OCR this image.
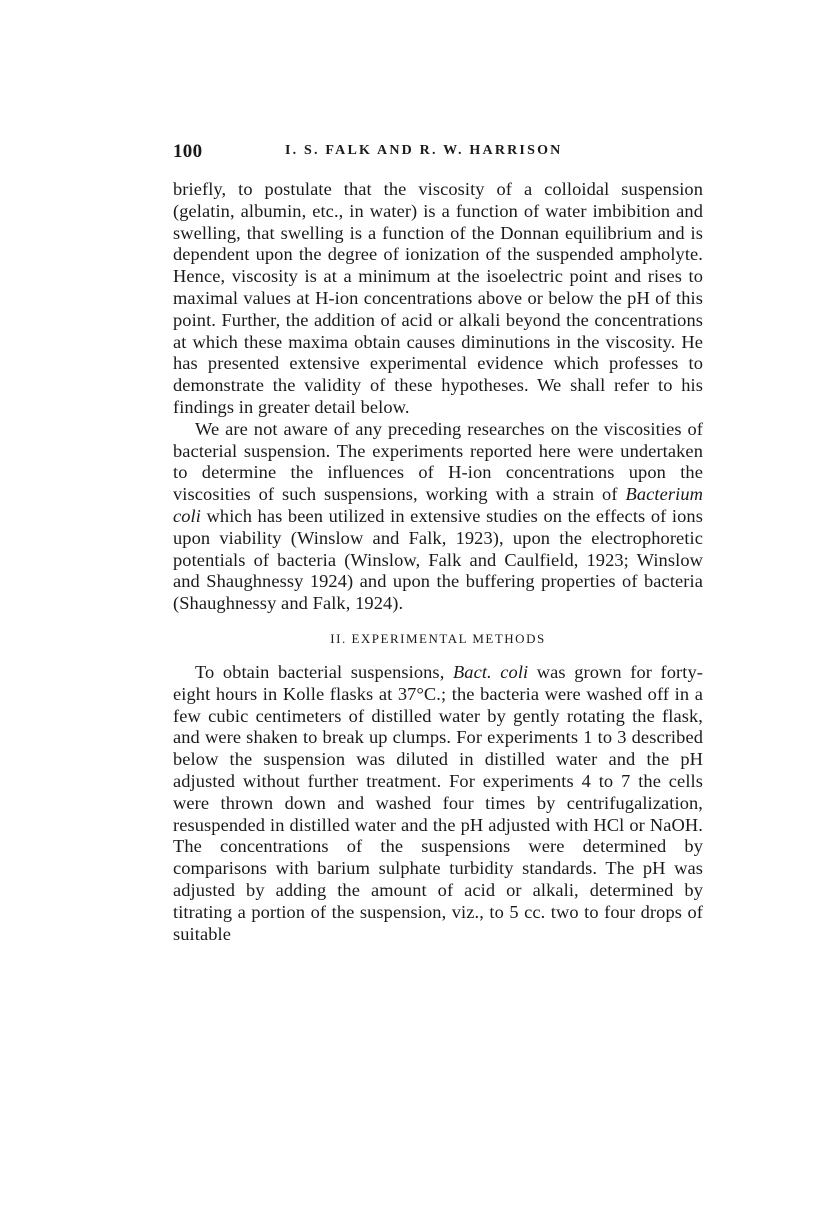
100	I. S. FALK AND R. W. HARRISON

briefly, to postulate that the viscosity of a colloidal suspension (gelatin, albumin, etc., in water) is a function of water imbibition and swelling, that swelling is a function of the Donnan equilibrium and is dependent upon the degree of ionization of the suspended ampholyte. Hence, viscosity is at a minimum at the isoelectric point and rises to maximal values at H-ion concentrations above or below the pH of this point. Further, the addition of acid or alkali beyond the concentrations at which these maxima obtain causes diminutions in the viscosity. He has presented extensive experimental evidence which professes to demonstrate the validity of these hypotheses. We shall refer to his findings in greater detail below.

We are not aware of any preceding researches on the viscosities of bacterial suspension. The experiments reported here were undertaken to determine the influences of H-ion concentrations upon the viscosities of such suspensions, working with a strain of Bacterium coli which has been utilized in extensive studies on the effects of ions upon viability (Winslow and Falk, 1923), upon the electrophoretic potentials of bacteria (Winslow, Falk and Caulfield, 1923; Winslow and Shaughnessy 1924) and upon the buffering properties of bacteria (Shaughnessy and Falk, 1924).

II. EXPERIMENTAL METHODS

To obtain bacterial suspensions, Bact. coli was grown for forty-eight hours in Kolle flasks at 37°C.; the bacteria were washed off in a few cubic centimeters of distilled water by gently rotating the flask, and were shaken to break up clumps. For experiments 1 to 3 described below the suspension was diluted in distilled water and the pH adjusted without further treatment. For experiments 4 to 7 the cells were thrown down and washed four times by centrifugalization, resuspended in distilled water and the pH adjusted with HCl or NaOH. The concentrations of the suspensions were determined by comparisons with barium sulphate turbidity standards. The pH was adjusted by adding the amount of acid or alkali, determined by titrating a portion of the suspension, viz., to 5 cc. two to four drops of suitable
